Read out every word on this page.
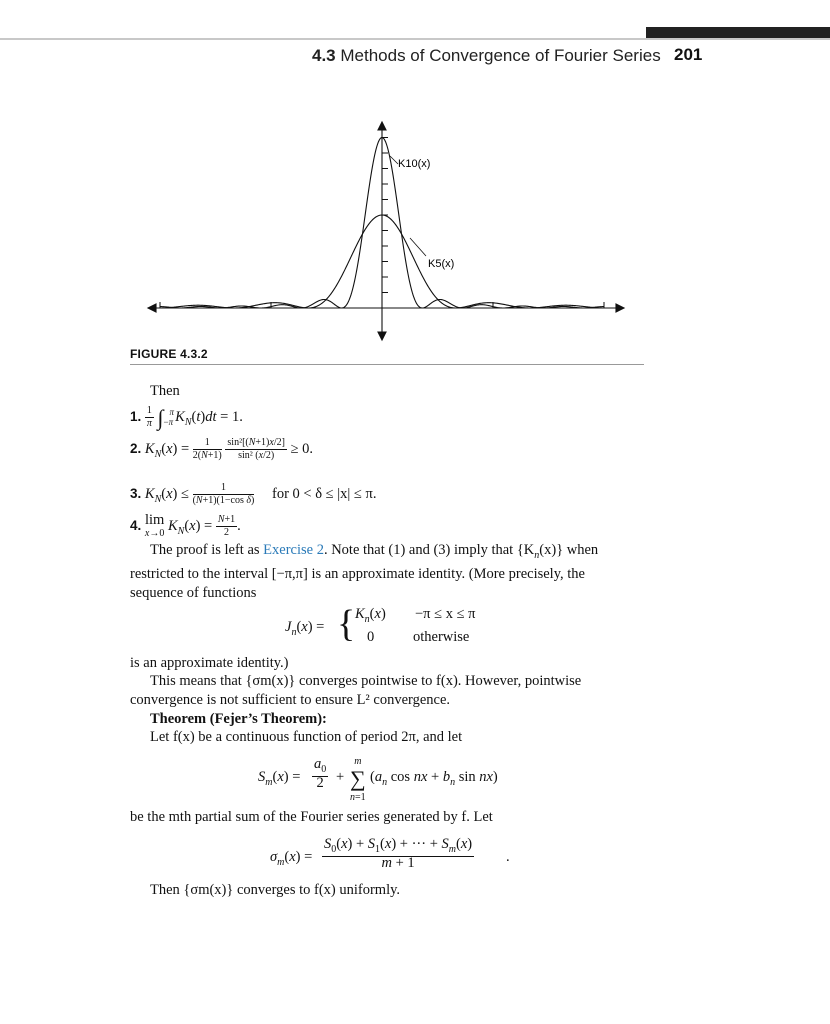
4.3 Methods of Convergence of Fourier Series 201
K10(x)
K5(x)
FIGURE 4.3.2
Then
1. $\frac{1}{\pi}$ ∫ π
−π $K_N(t)dt = 1$.
2. $K_N(x) = \frac{1}{2(N+1)}$
$\frac{\text{sin²[(N+1)x/2]}}{\text{sin² (x/2)}} \ge 0$.
3. $K_N(x) \le \frac{1}{\text{(N+1)(1−cos δ)}}$ for 0 < δ ≤ |x| ≤ π.
4. lim
x→0 $K_N(x) = \frac{N+1}{2}$ .
The proof is left as Exercise 2. Note that (1) and (3) imply that $\{K_n(x)\}$ when
restricted to the interval [−π,π] is an approximate identity. (More precisely, the
sequence of functions
$J_n(x)$ = { $K_n(x) -\pi \le x \le \pi$
0	otherwise
is an approximate identity.)
This means that {σm(x)} converges pointwise to f(x). However, pointwise
convergence is not sufficient to ensure L² convergence.
Theorem (Fejer’s Theorem):
Let f(x) be a continuous function of period 2π, and let
$S_m(x) = \frac{a_0}{2}$ +
m
∑
n=1
($a_n$ cos nx + $b_n$ sin nx)
be the mth partial sum of the Fourier series generated by f. Let
$\sigma_m(x) = \frac{S_0(x) + S_1(x) + \cdot\cdot\cdot + S_m(x)}{m + 1}$ .
Then {σm(x)} converges to f(x) uniformly.
